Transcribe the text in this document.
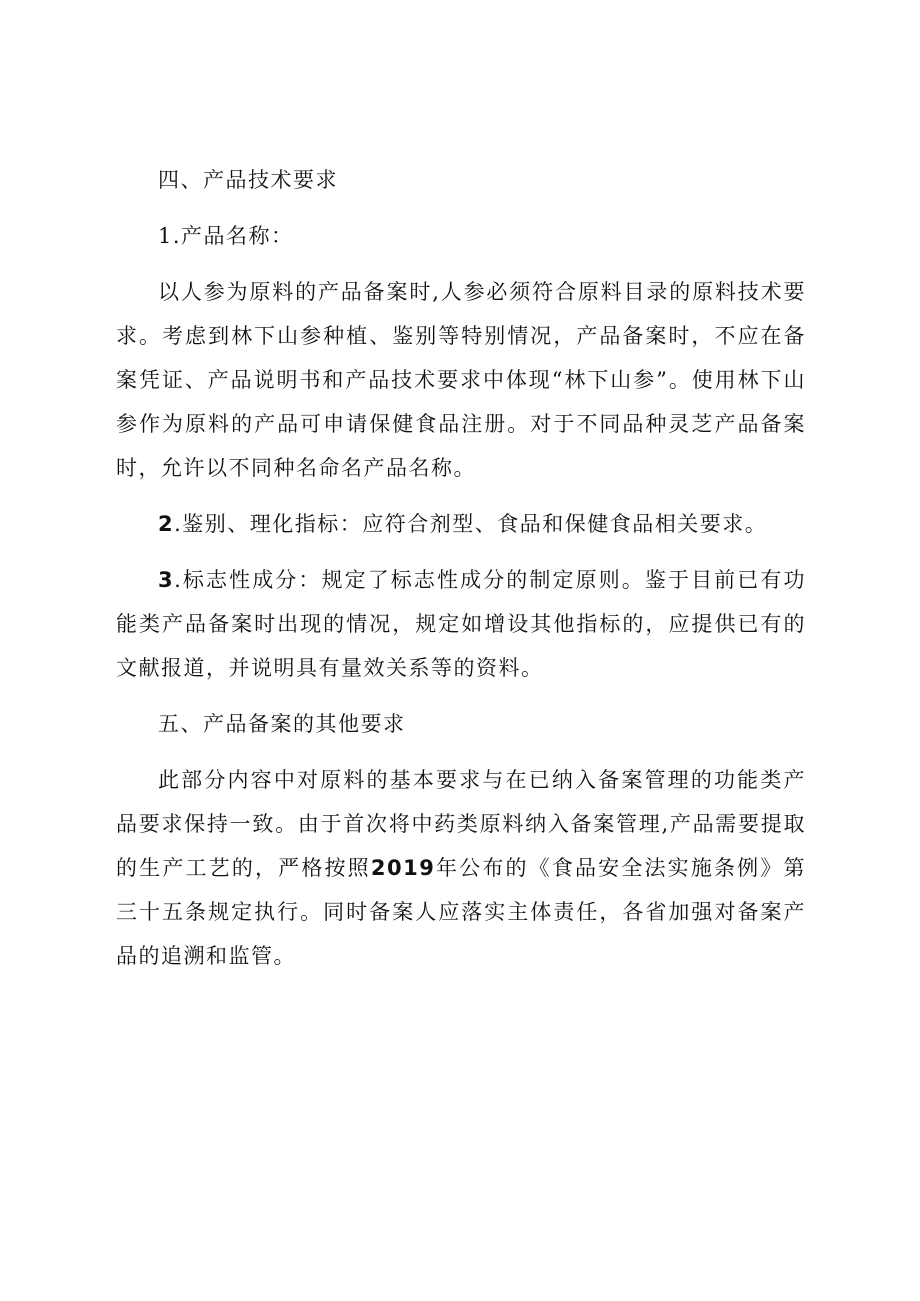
四、产品技术要求

1.产品名称：

以人参为原料的产品备案时,人参必须符合原料目录的原料技术要求。考虑到林下山参种植、鉴别等特别情况，产品备案时，不应在备案凭证、产品说明书和产品技术要求中体现“林下山参”。使用林下山参作为原料的产品可申请保健食品注册。对于不同品种灵芝产品备案时，允许以不同种名命名产品名称。

2.鉴别、理化指标：应符合剂型、食品和保健食品相关要求。

3.标志性成分：规定了标志性成分的制定原则。鉴于目前已有功能类产品备案时出现的情况，规定如增设其他指标的，应提供已有的文献报道，并说明具有量效关系等的资料。

五、产品备案的其他要求

此部分内容中对原料的基本要求与在已纳入备案管理的功能类产品要求保持一致。由于首次将中药类原料纳入备案管理,产品需要提取的生产工艺的，严格按照2019年公布的《食品安全法实施条例》第三十五条规定执行。同时备案人应落实主体责任，各省加强对备案产品的追溯和监管。
